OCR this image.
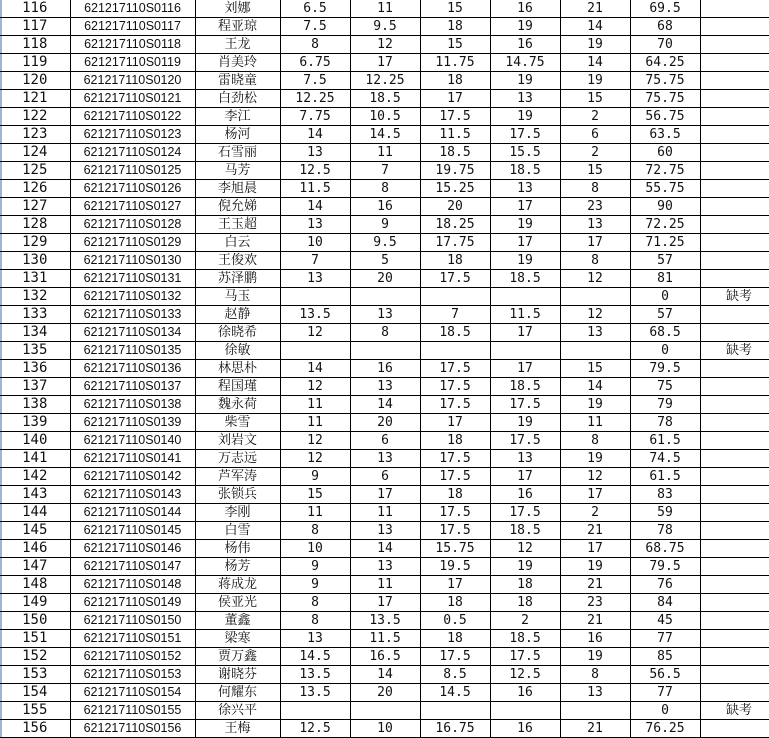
116	621217110S0116	刘娜	6.5	11	15	16	21	69.5	
117	621217110S0117	程亚琼	7.5	9.5	18	19	14	68	
118	621217110S0118	王龙	8	12	15	16	19	70	
119	621217110S0119	肖美玲	6.75	17	11.75	14.75	14	64.25	
120	621217110S0120	雷晓童	7.5	12.25	18	19	19	75.75	
121	621217110S0121	白劲松	12.25	18.5	17	13	15	75.75	
122	621217110S0122	李江	7.75	10.5	17.5	19	2	56.75	
123	621217110S0123	杨河	14	14.5	11.5	17.5	6	63.5	
124	621217110S0124	石雪丽	13	11	18.5	15.5	2	60	
125	621217110S0125	马芳	12.5	7	19.75	18.5	15	72.75	
126	621217110S0126	李旭晨	11.5	8	15.25	13	8	55.75	
127	621217110S0127	倪允娣	14	16	20	17	23	90	
128	621217110S0128	王玉超	13	9	18.25	19	13	72.25	
129	621217110S0129	白云	10	9.5	17.75	17	17	71.25	
130	621217110S0130	王俊欢	7	5	18	19	8	57	
131	621217110S0131	苏泽鹏	13	20	17.5	18.5	12	81	
132	621217110S0132	马玉						0	缺考
133	621217110S0133	赵静	13.5	13	7	11.5	12	57	
134	621217110S0134	徐晓希	12	8	18.5	17	13	68.5	
135	621217110S0135	徐敏						0	缺考
136	621217110S0136	林思朴	14	16	17.5	17	15	79.5	
137	621217110S0137	程国瑾	12	13	17.5	18.5	14	75	
138	621217110S0138	魏永荷	11	14	17.5	17.5	19	79	
139	621217110S0139	柴雪	11	20	17	19	11	78	
140	621217110S0140	刘岩文	12	6	18	17.5	8	61.5	
141	621217110S0141	万志远	12	13	17.5	13	19	74.5	
142	621217110S0142	芦军涛	9	6	17.5	17	12	61.5	
143	621217110S0143	张锁兵	15	17	18	16	17	83	
144	621217110S0144	李刚	11	11	17.5	17.5	2	59	
145	621217110S0145	白雪	8	13	17.5	18.5	21	78	
146	621217110S0146	杨伟	10	14	15.75	12	17	68.75	
147	621217110S0147	杨芳	9	13	19.5	19	19	79.5	
148	621217110S0148	蒋成龙	9	11	17	18	21	76	
149	621217110S0149	侯亚光	8	17	18	18	23	84	
150	621217110S0150	董鑫	8	13.5	0.5	2	21	45	
151	621217110S0151	梁寒	13	11.5	18	18.5	16	77	
152	621217110S0152	贾万鑫	14.5	16.5	17.5	17.5	19	85	
153	621217110S0153	谢晓芬	13.5	14	8.5	12.5	8	56.5	
154	621217110S0154	何耀东	13.5	20	14.5	16	13	77	
155	621217110S0155	徐兴平						0	缺考
156	621217110S0156	王梅	12.5	10	16.75	16	21	76.25	
